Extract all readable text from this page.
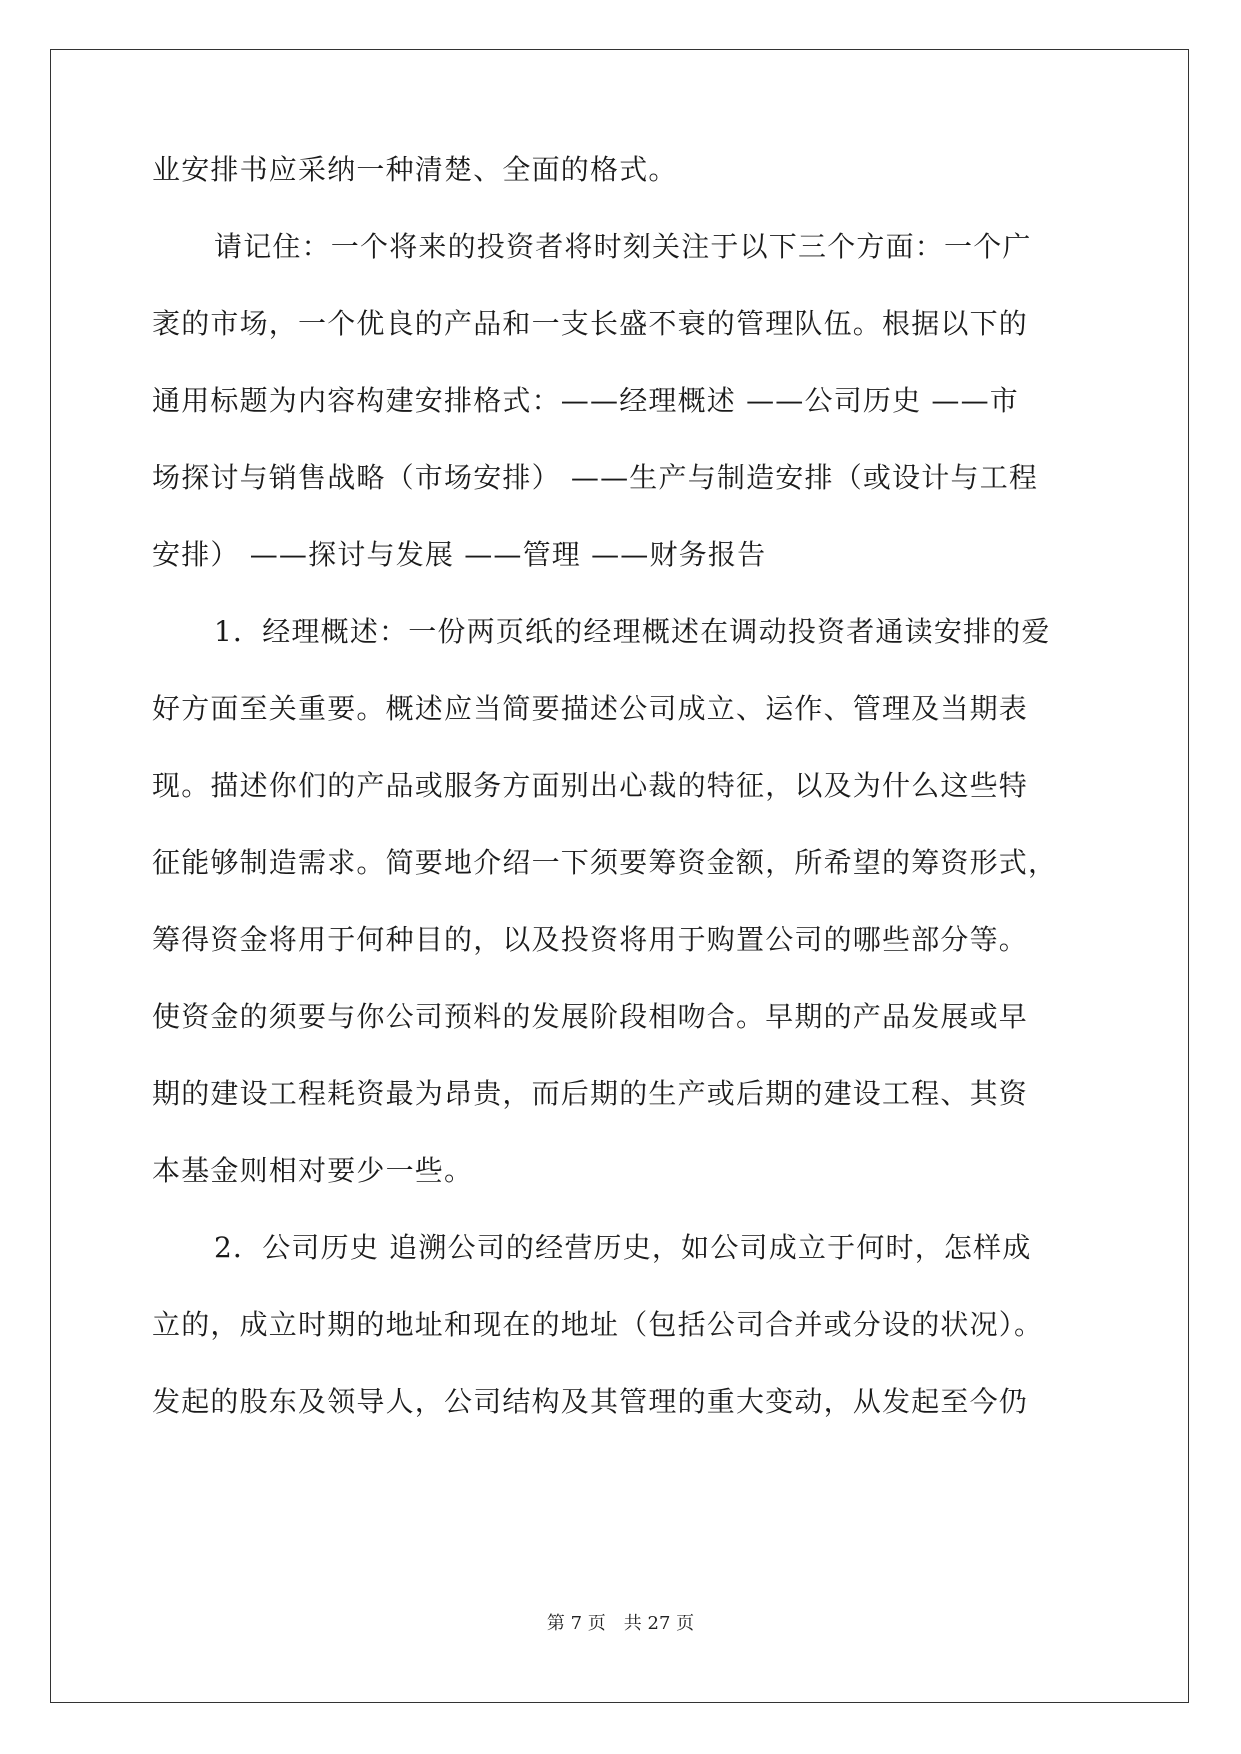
业安排书应采纳一种清楚、全面的格式。
请记住：一个将来的投资者将时刻关注于以下三个方面：一个广
袤的市场，一个优良的产品和一支长盛不衰的管理队伍。根据以下的
通用标题为内容构建安排格式：——经理概述 ——公司历史 ——市
场探讨与销售战略（市场安排） ——生产与制造安排（或设计与工程
安排） ——探讨与发展 ——管理 ——财务报告
1．经理概述：一份两页纸的经理概述在调动投资者通读安排的爱
好方面至关重要。概述应当简要描述公司成立、运作、管理及当期表
现。描述你们的产品或服务方面别出心裁的特征，以及为什么这些特
征能够制造需求。简要地介绍一下须要筹资金额，所希望的筹资形式，
筹得资金将用于何种目的，以及投资将用于购置公司的哪些部分等。
使资金的须要与你公司预料的发展阶段相吻合。早期的产品发展或早
期的建设工程耗资最为昂贵，而后期的生产或后期的建设工程、其资
本基金则相对要少一些。
2．公司历史 追溯公司的经营历史，如公司成立于何时，怎样成
立的，成立时期的地址和现在的地址（包括公司合并或分设的状况）。
发起的股东及领导人，公司结构及其管理的重大变动，从发起至今仍
第 7 页　共 27 页
